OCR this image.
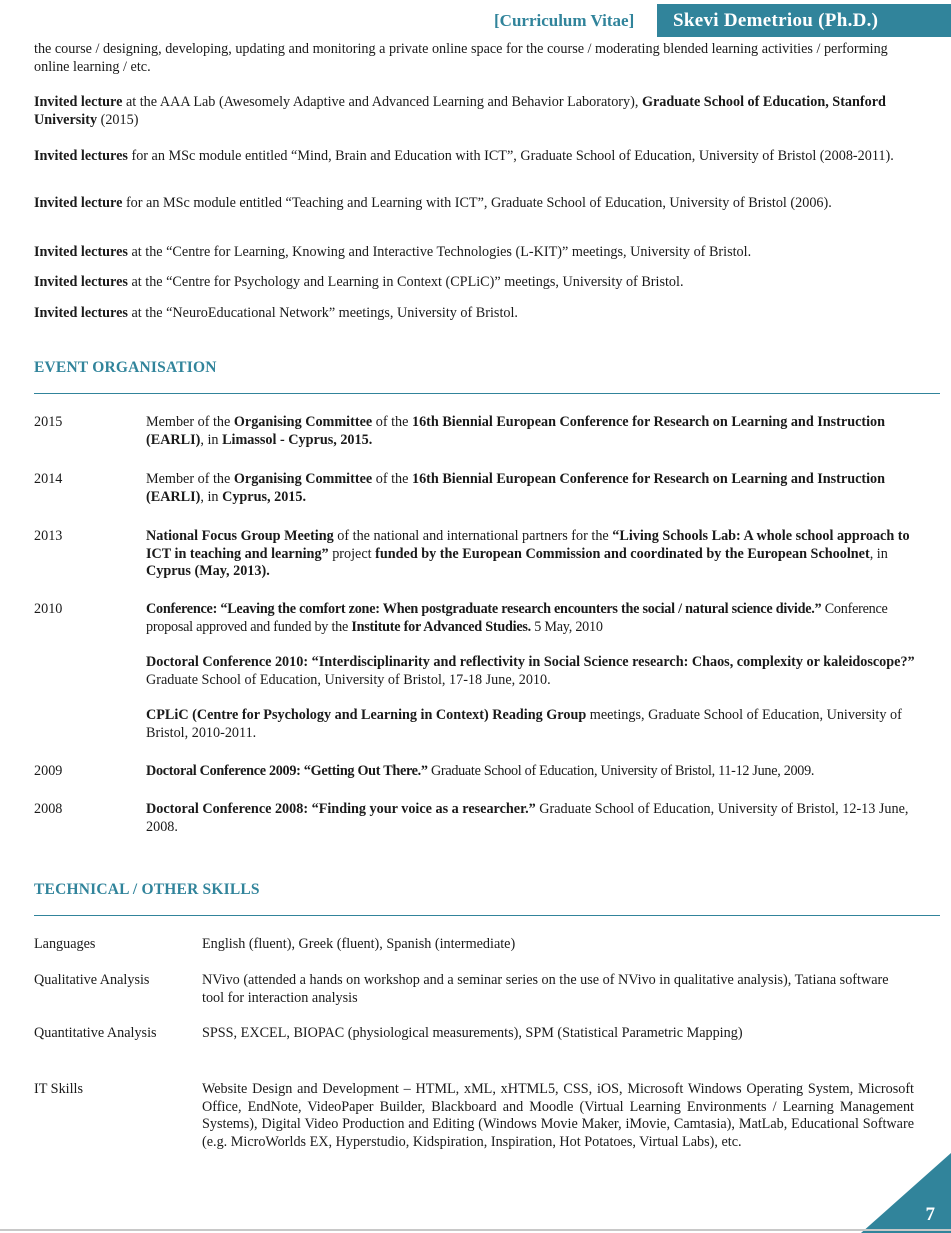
[Curriculum Vitae]	Skevi Demetriou (Ph.D.)
the course / designing, developing, updating and monitoring a private online space for the course / moderating blended learning activities / performing online learning / etc.
Invited lecture at the AAA Lab (Awesomely Adaptive and Advanced Learning and Behavior Laboratory), Graduate School of Education, Stanford University (2015)
Invited lectures for an MSc module entitled “Mind, Brain and Education with ICT”, Graduate School of Education, University of Bristol (2008-2011).
Invited lecture for an MSc module entitled “Teaching and Learning with ICT”, Graduate School of Education, University of Bristol (2006).
Invited lectures at the “Centre for Learning, Knowing and Interactive Technologies (L-KIT)” meetings, University of Bristol.
Invited lectures at the “Centre for Psychology and Learning in Context (CPLiC)” meetings, University of Bristol.
Invited lectures at the “NeuroEducational Network” meetings, University of Bristol.
EVENT ORGANISATION
2015	Member of the Organising Committee of the 16th Biennial European Conference for Research on Learning and Instruction (EARLI), in Limassol - Cyprus, 2015.
2014	Member of the Organising Committee of the 16th Biennial European Conference for Research on Learning and Instruction (EARLI), in Cyprus, 2015.
2013	National Focus Group Meeting of the national and international partners for the “Living Schools Lab: A whole school approach to ICT in teaching and learning” project funded by the European Commission and coordinated by the European Schoolnet, in Cyprus (May, 2013).
2010	Conference: “Leaving the comfort zone: When postgraduate research encounters the social / natural science divide.” Conference proposal approved and funded by the Institute for Advanced Studies. 5 May, 2010
Doctoral Conference 2010: “Interdisciplinarity and reflectivity in Social Science research: Chaos, complexity or kaleidoscope?” Graduate School of Education, University of Bristol, 17-18 June, 2010.
CPLiC (Centre for Psychology and Learning in Context) Reading Group meetings, Graduate School of Education, University of Bristol, 2010-2011.
2009	Doctoral Conference 2009: “Getting Out There.” Graduate School of Education, University of Bristol, 11-12 June, 2009.
2008	Doctoral Conference 2008: “Finding your voice as a researcher.” Graduate School of Education, University of Bristol, 12-13 June, 2008.
TECHNICAL / OTHER SKILLS
Languages	English (fluent), Greek (fluent), Spanish (intermediate)
Qualitative Analysis	NVivo (attended a hands on workshop and a seminar series on the use of NVivo in qualitative analysis), Tatiana software tool for interaction analysis
Quantitative Analysis	SPSS, EXCEL, BIOPAC (physiological measurements), SPM (Statistical Parametric Mapping)
IT Skills	Website Design and Development – HTML, xML, xHTML5, CSS, iOS, Microsoft Windows Operating System, Microsoft Office, EndNote, VideoPaper Builder, Blackboard and Moodle (Virtual Learning Environments / Learning Management Systems), Digital Video Production and Editing (Windows Movie Maker, iMovie, Camtasia), MatLab, Educational Software (e.g. MicroWorlds EX, Hyperstudio, Kidspiration, Inspiration, Hot Potatoes, Virtual Labs), etc.
7
